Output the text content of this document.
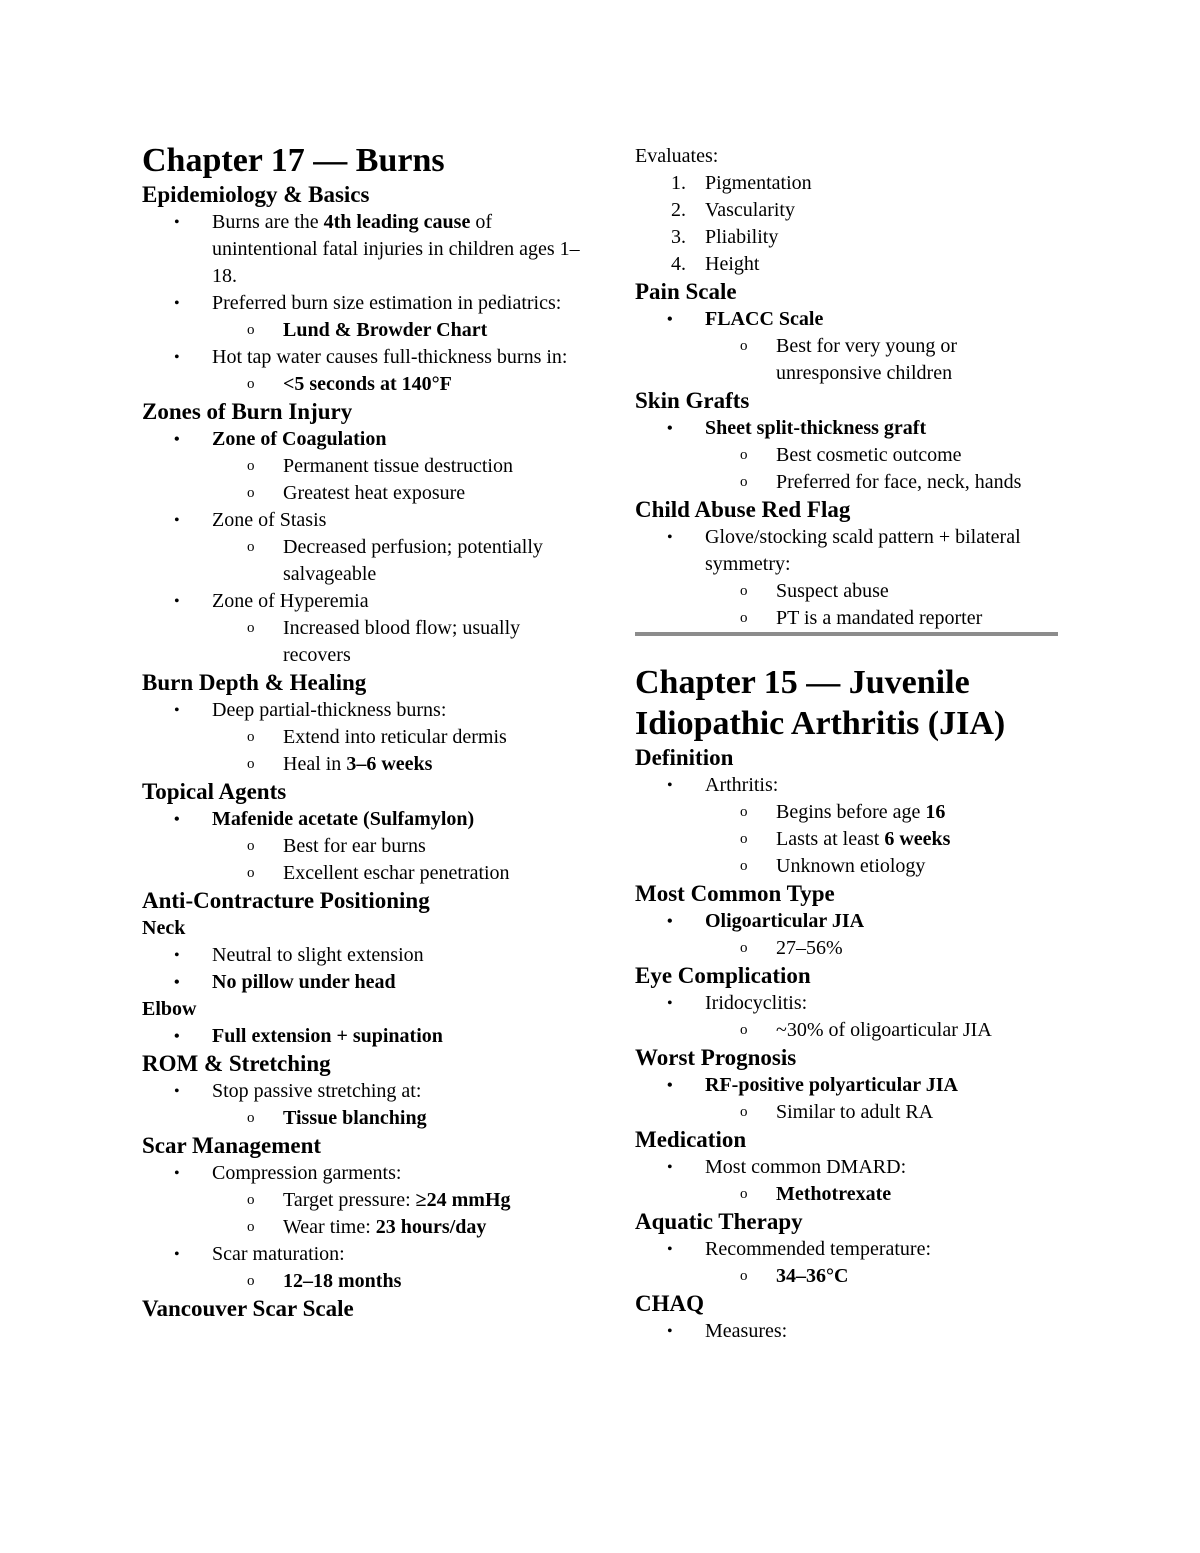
Chapter 17 — Burns
Epidemiology & Basics
• Burns are the 4th leading cause of unintentional fatal injuries in children ages 1–18.
• Preferred burn size estimation in pediatrics:
o Lund & Browder Chart
• Hot tap water causes full-thickness burns in:
o <5 seconds at 140°F
Zones of Burn Injury
• Zone of Coagulation
o Permanent tissue destruction
o Greatest heat exposure
• Zone of Stasis
o Decreased perfusion; potentially salvageable
• Zone of Hyperemia
o Increased blood flow; usually recovers
Burn Depth & Healing
• Deep partial-thickness burns:
o Extend into reticular dermis
o Heal in 3–6 weeks
Topical Agents
• Mafenide acetate (Sulfamylon)
o Best for ear burns
o Excellent eschar penetration
Anti-Contracture Positioning

Neck

• Neutral to slight extension
• No pillow under head

Elbow

• Full extension + supination
ROM & Stretching
• Stop passive stretching at:
o Tissue blanching
Scar Management
• Compression garments:
o Target pressure: ≥24 mmHg
o Wear time: 23 hours/day
• Scar maturation:
o 12–18 months
Vancouver Scar Scale

Evaluates:

1. Pigmentation
2. Vascularity
3. Pliability
4. Height
Pain Scale
• FLACC Scale
o Best for very young or unresponsive children
Skin Grafts
• Sheet split-thickness graft
o Best cosmetic outcome
o Preferred for face, neck, hands
Child Abuse Red Flag
• Glove/stocking scald pattern + bilateral symmetry:
o Suspect abuse
o PT is a mandated reporter
Chapter 15 — Juvenile Idiopathic Arthritis (JIA)
Definition
• Arthritis:
o Begins before age 16
o Lasts at least 6 weeks
o Unknown etiology
Most Common Type
• Oligoarticular JIA
o 27–56%
Eye Complication
• Iridocyclitis:
o ~30% of oligoarticular JIA
Worst Prognosis
• RF-positive polyarticular JIA
o Similar to adult RA
Medication
• Most common DMARD:
o Methotrexate
Aquatic Therapy
• Recommended temperature:
o 34–36°C
CHAQ
• Measures:
